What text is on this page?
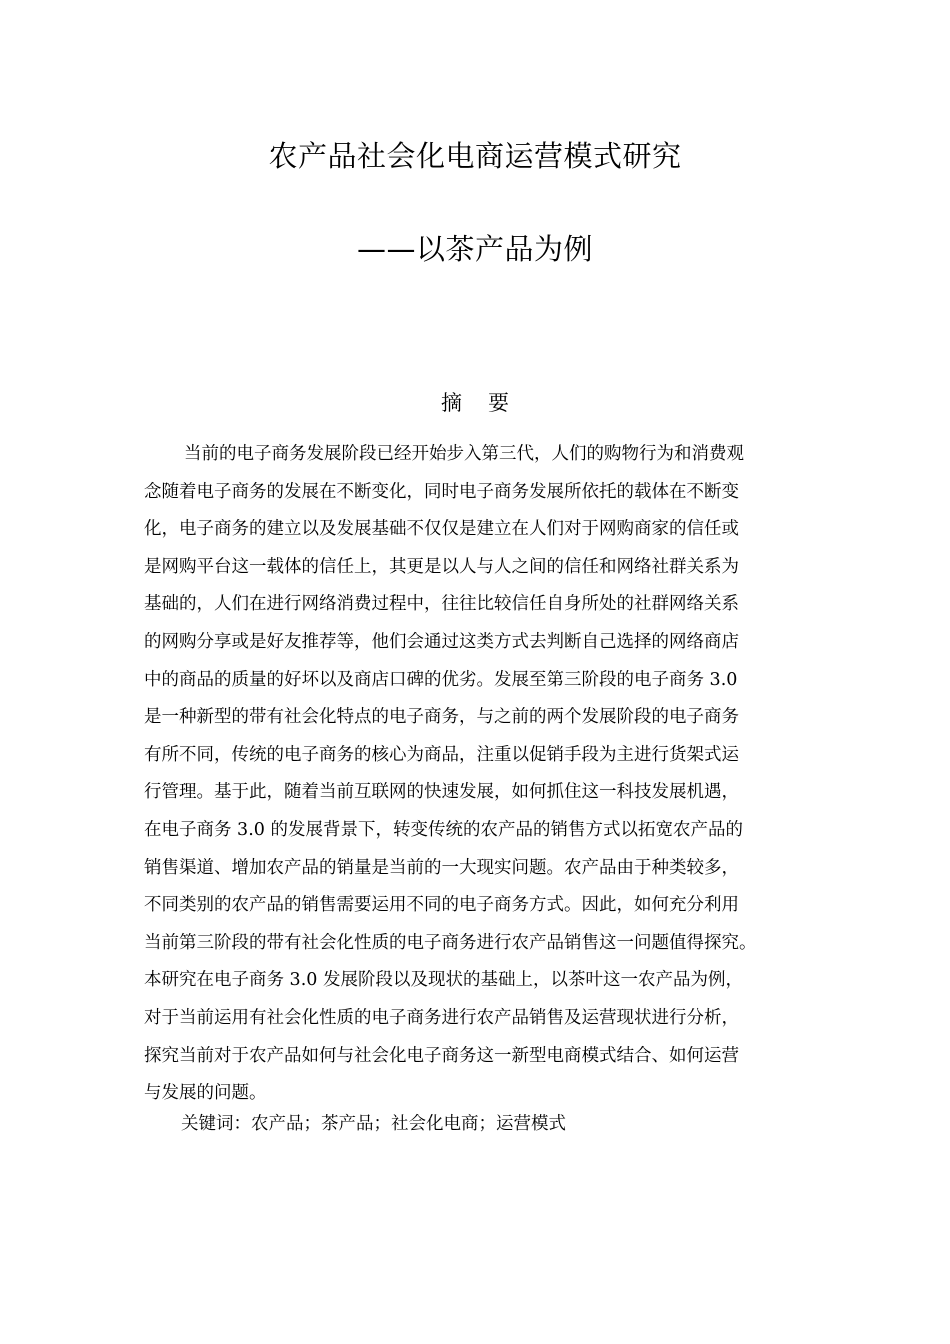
农产品社会化电商运营模式研究
——以茶产品为例
摘 要
当前的电子商务发展阶段已经开始步入第三代，人们的购物行为和消费观
念随着电子商务的发展在不断变化，同时电子商务发展所依托的载体在不断变
化，电子商务的建立以及发展基础不仅仅是建立在人们对于网购商家的信任或
是网购平台这一载体的信任上，其更是以人与人之间的信任和网络社群关系为
基础的，人们在进行网络消费过程中，往往比较信任自身所处的社群网络关系
的网购分享或是好友推荐等，他们会通过这类方式去判断自己选择的网络商店
中的商品的质量的好坏以及商店口碑的优劣。发展至第三阶段的电子商务 3.0
是一种新型的带有社会化特点的电子商务，与之前的两个发展阶段的电子商务
有所不同，传统的电子商务的核心为商品，注重以促销手段为主进行货架式运
行管理。基于此，随着当前互联网的快速发展，如何抓住这一科技发展机遇，
在电子商务 3.0 的发展背景下，转变传统的农产品的销售方式以拓宽农产品的
销售渠道、增加农产品的销量是当前的一大现实问题。农产品由于种类较多，
不同类别的农产品的销售需要运用不同的电子商务方式。因此，如何充分利用
当前第三阶段的带有社会化性质的电子商务进行农产品销售这一问题值得探究。
本研究在电子商务 3.0 发展阶段以及现状的基础上，以茶叶这一农产品为例，
对于当前运用有社会化性质的电子商务进行农产品销售及运营现状进行分析，
探究当前对于农产品如何与社会化电子商务这一新型电商模式结合、如何运营
与发展的问题。

关键词：农产品；茶产品；社会化电商；运营模式
